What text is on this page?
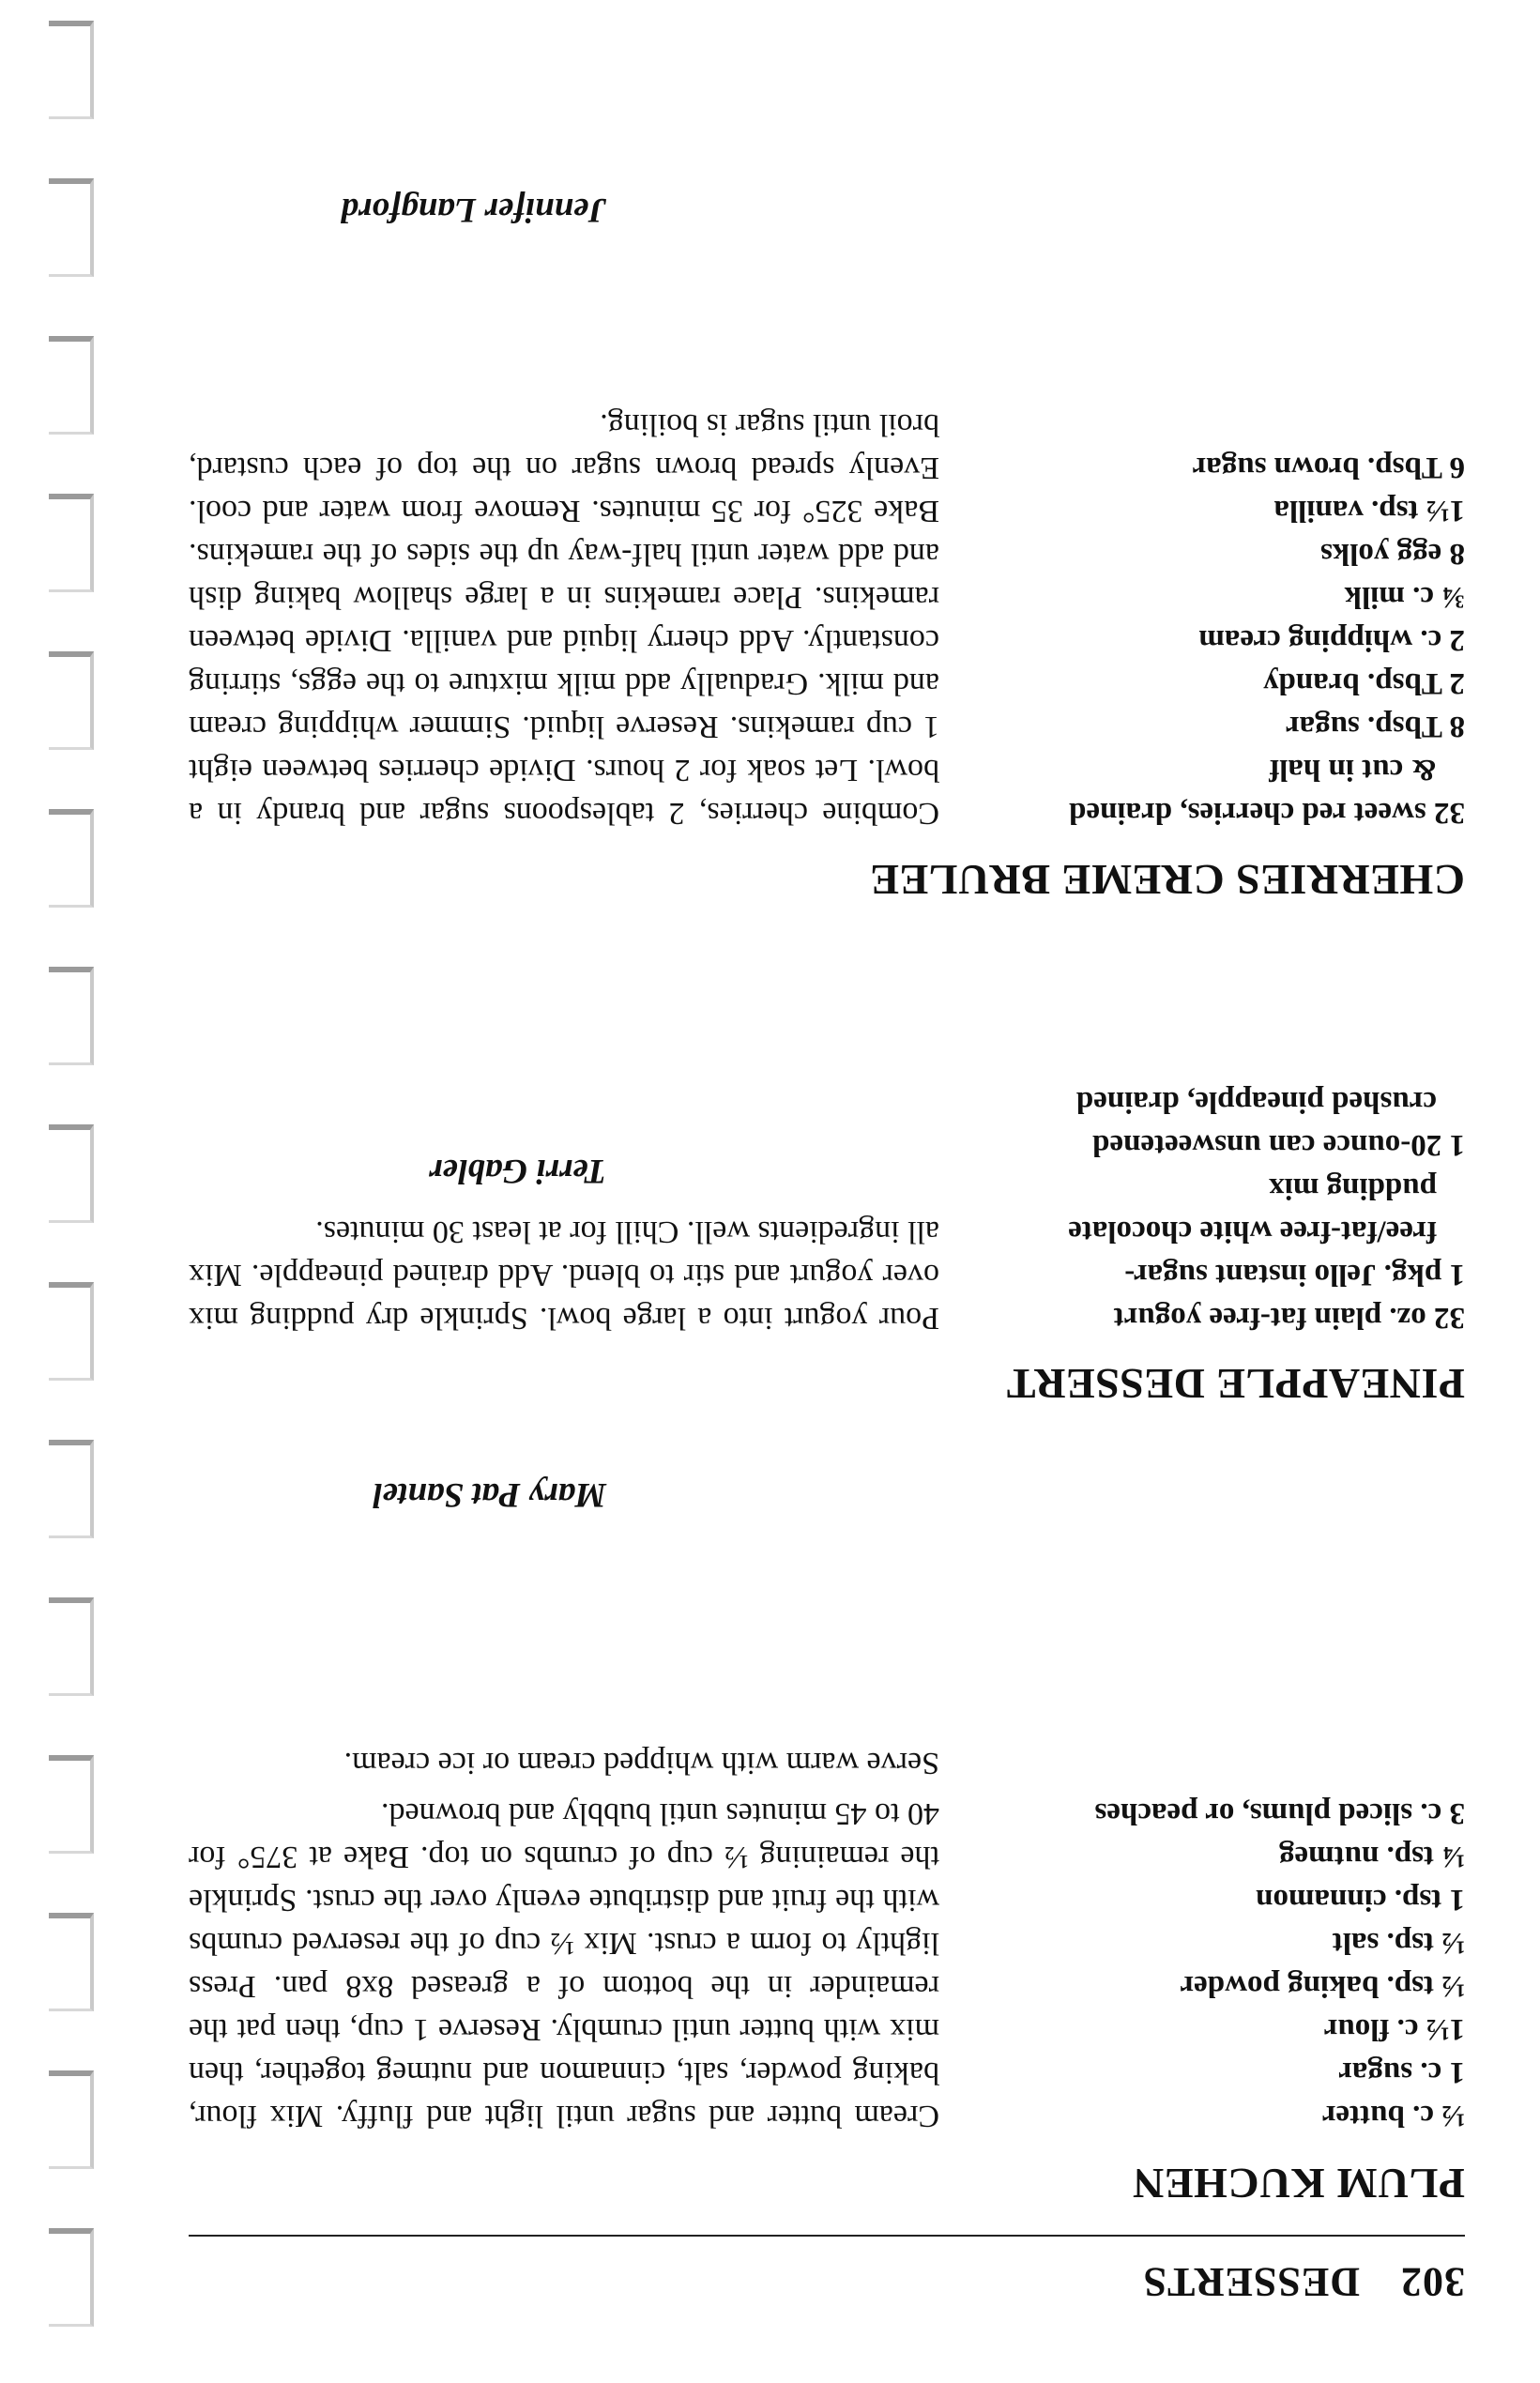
302
DESSERTS
PLUM KUCHEN
½ c. butter
1 c. sugar
1½ c. flour
½ tsp. baking powder
½ tsp. salt
1 tsp. cinnamon
¼ tsp. nutmeg
3 c. sliced plums, or peaches

Cream butter and sugar until light and fluffy. Mix flour, baking powder, salt, cinnamon and nutmeg together, then mix with butter until crumbly. Reserve 1 cup, then pat the remainder in the bottom of a greased 8x8 pan. Press lightly to form a crust. Mix ½ cup of the reserved crumbs with the fruit and distribute evenly over the crust. Sprinkle the remaining ½ cup of crumbs on top. Bake at 375° for 40 to 45 minutes until bubbly and browned.

Serve warm with whipped cream or ice cream.

Mary Pat Santel
PINEAPPLE DESSERT
32 oz. plain fat-free yogurt
1 pkg. Jello instant sugar-free/fat-free white chocolate pudding mix
1 20-ounce can unsweetened crushed pineapple, drained

Pour yogurt into a large bowl. Sprinkle dry pudding mix over yogurt and stir to blend. Add drained pineapple. Mix all ingredients well. Chill for at least 30 minutes.

Terri Gabler
CHERRIES CREME BRULEE
32 sweet red cherries, drained & cut in half
8 Tbsp. sugar
2 Tbsp. brandy
2 c. whipping cream
¾ c. milk
8 egg yolks
1½ tsp. vanilla
6 Tbsp. brown sugar

Combine cherries, 2 tablespoons sugar and brandy in a bowl. Let soak for 2 hours. Divide cherries between eight 1 cup ramekins. Reserve liquid. Simmer whipping cream and milk. Gradually add milk mixture to the eggs, stirring constantly. Add cherry liquid and vanilla. Divide between ramekins. Place ramekins in a large shallow baking dish and add water until half-way up the sides of the ramekins. Bake 325° for 35 minutes. Remove from water and cool. Evenly spread brown sugar on the top of each custard, broil until sugar is boiling.

Jennifer Langford
